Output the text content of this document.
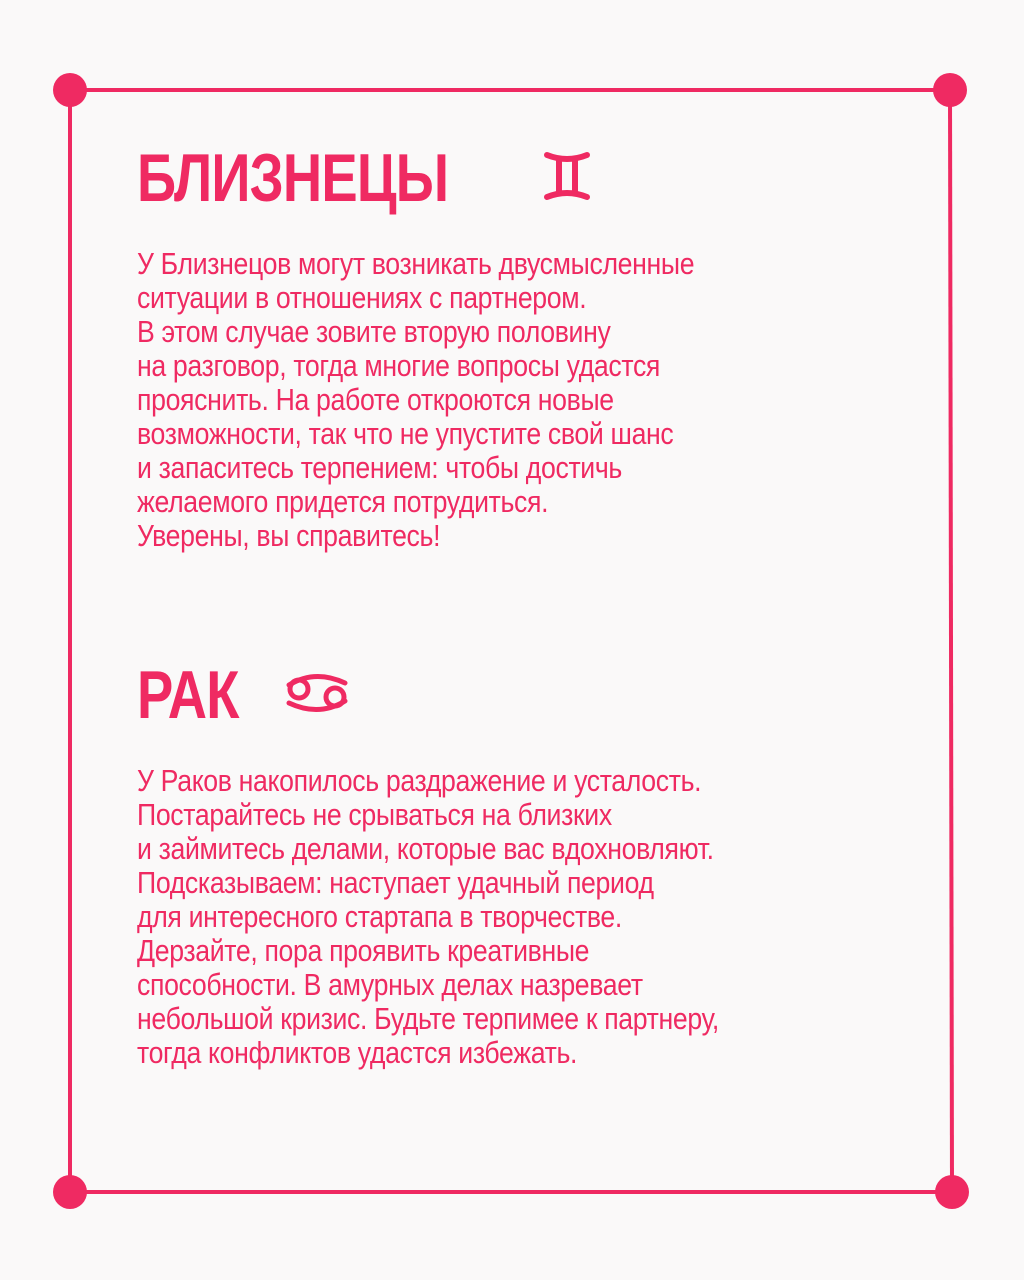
БЛИЗНЕЦЫ

У Близнецов могут возникать двусмысленные
ситуации в отношениях с партнером.
В этом случае зовите вторую половину
на разговор, тогда многие вопросы удастся
прояснить. На работе откроются новые
возможности, так что не упустите свой шанс
и запаситесь терпением: чтобы достичь
желаемого придется потрудиться.
Уверены, вы справитесь!

РАК

У Раков накопилось раздражение и усталость.
Постарайтесь не срываться на близких
и займитесь делами, которые вас вдохновляют.
Подсказываем: наступает удачный период
для интересного стартапа в творчестве.
Дерзайте, пора проявить креативные
способности. В амурных делах назревает
небольшой кризис. Будьте терпимее к партнеру,
тогда конфликтов удастся избежать.
